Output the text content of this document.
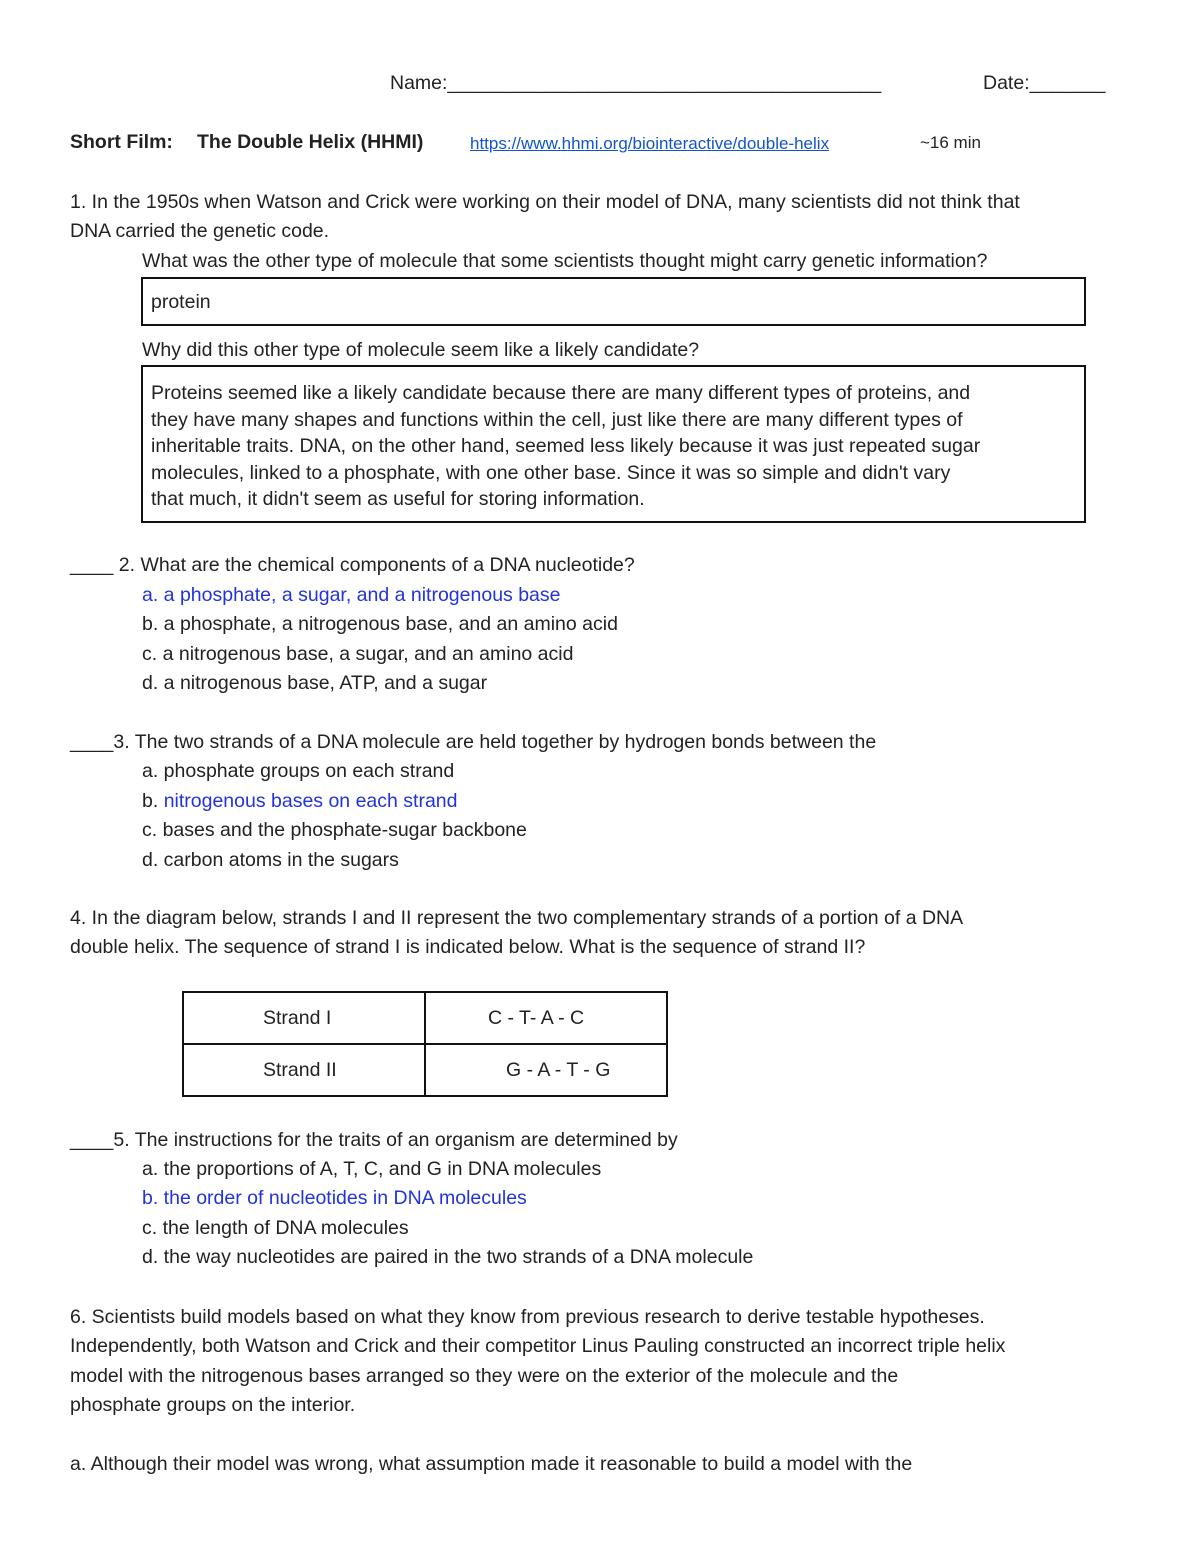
Name:________________________________________	Date:_______
Short Film: The Double Helix (HHMI)	https://www.hhmi.org/biointeractive/double-helix	~16 min
1. In the 1950s when Watson and Crick were working on their model of DNA, many scientists did not think that
DNA carried the genetic code.
What was the other type of molecule that some scientists thought might carry genetic information?
protein
Why did this other type of molecule seem like a likely candidate?
Proteins seemed like a likely candidate because there are many different types of proteins, and
they have many shapes and functions within the cell, just like there are many different types of
inheritable traits. DNA, on the other hand, seemed less likely because it was just repeated sugar
molecules, linked to a phosphate, with one other base. Since it was so simple and didn't vary
that much, it didn't seem as useful for storing information.
____ 2. What are the chemical components of a DNA nucleotide?
a. a phosphate, a sugar, and a nitrogenous base
b. a phosphate, a nitrogenous base, and an amino acid
c. a nitrogenous base, a sugar, and an amino acid
d. a nitrogenous base, ATP, and a sugar
____3. The two strands of a DNA molecule are held together by hydrogen bonds between the
a. phosphate groups on each strand
b. nitrogenous bases on each strand
c. bases and the phosphate-sugar backbone
d. carbon atoms in the sugars
4. In the diagram below, strands I and II represent the two complementary strands of a portion of a DNA
double helix. The sequence of strand I is indicated below. What is the sequence of strand II?
Strand I	C - T- A - C
Strand II	G - A - T - G
____5. The instructions for the traits of an organism are determined by
a. the proportions of A, T, C, and G in DNA molecules
b. the order of nucleotides in DNA molecules
c. the length of DNA molecules
d. the way nucleotides are paired in the two strands of a DNA molecule
6. Scientists build models based on what they know from previous research to derive testable hypotheses.
Independently, both Watson and Crick and their competitor Linus Pauling constructed an incorrect triple helix
model with the nitrogenous bases arranged so they were on the exterior of the molecule and the
phosphate groups on the interior.
a. Although their model was wrong, what assumption made it reasonable to build a model with the
